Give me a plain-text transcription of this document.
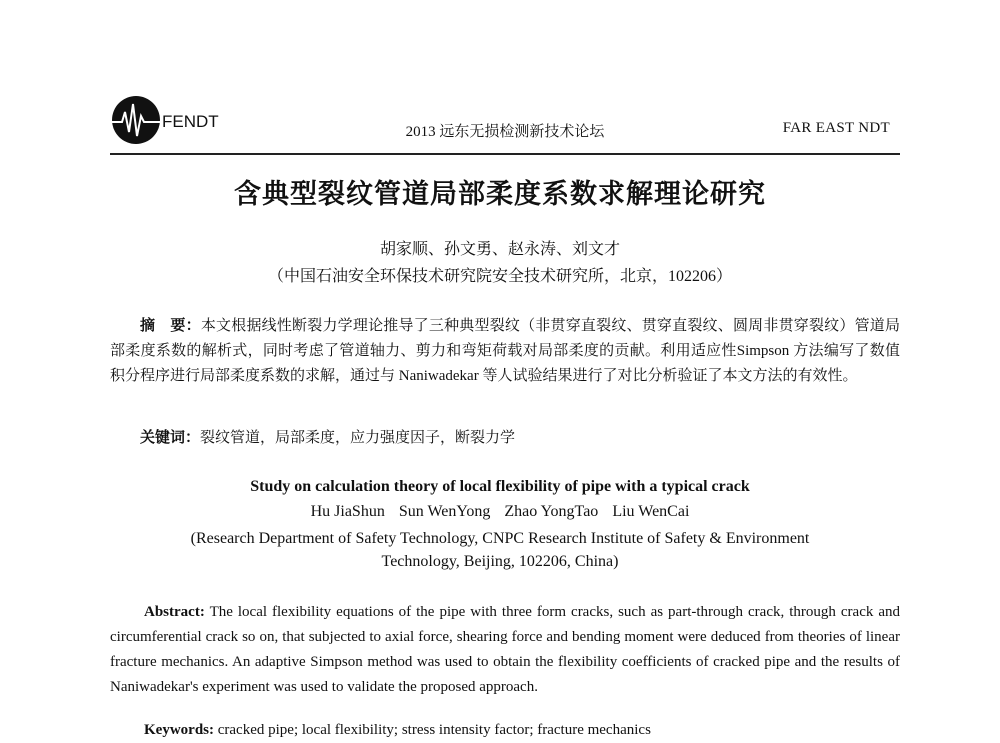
FENDT
2013 远东无损检测新技术论坛	FAR EAST NDT
含典型裂纹管道局部柔度系数求解理论研究
胡家顺、孙文勇、赵永涛、刘文才
（中国石油安全环保技术研究院安全技术研究所，北京，102206）
摘　要：本文根据线性断裂力学理论推导了三种典型裂纹（非贯穿直裂纹、贯穿直裂纹、圆周非贯穿裂纹）管道局部柔度系数的解析式，同时考虑了管道轴力、剪力和弯矩荷载对局部柔度的贡献。利用适应性Simpson 方法编写了数值积分程序进行局部柔度系数的求解，通过与 Naniwadekar 等人试验结果进行了对比分析验证了本文方法的有效性。
关键词：裂纹管道，局部柔度，应力强度因子，断裂力学
Study on calculation theory of local flexibility of pipe with a typical crack
Hu JiaShun Sun WenYong Zhao YongTao Liu WenCai
(Research Department of Safety Technology, CNPC Research Institute of Safety & Environment Technology, Beijing, 102206, China)
Abstract: The local flexibility equations of the pipe with three form cracks, such as part-through crack, through crack and circumferential crack so on, that subjected to axial force, shearing force and bending moment were deduced from theories of linear fracture mechanics. An adaptive Simpson method was used to obtain the flexibility coefficients of cracked pipe and the results of Naniwadekar's experiment was used to validate the proposed approach.
Keywords: cracked pipe; local flexibility; stress intensity factor; fracture mechanics
